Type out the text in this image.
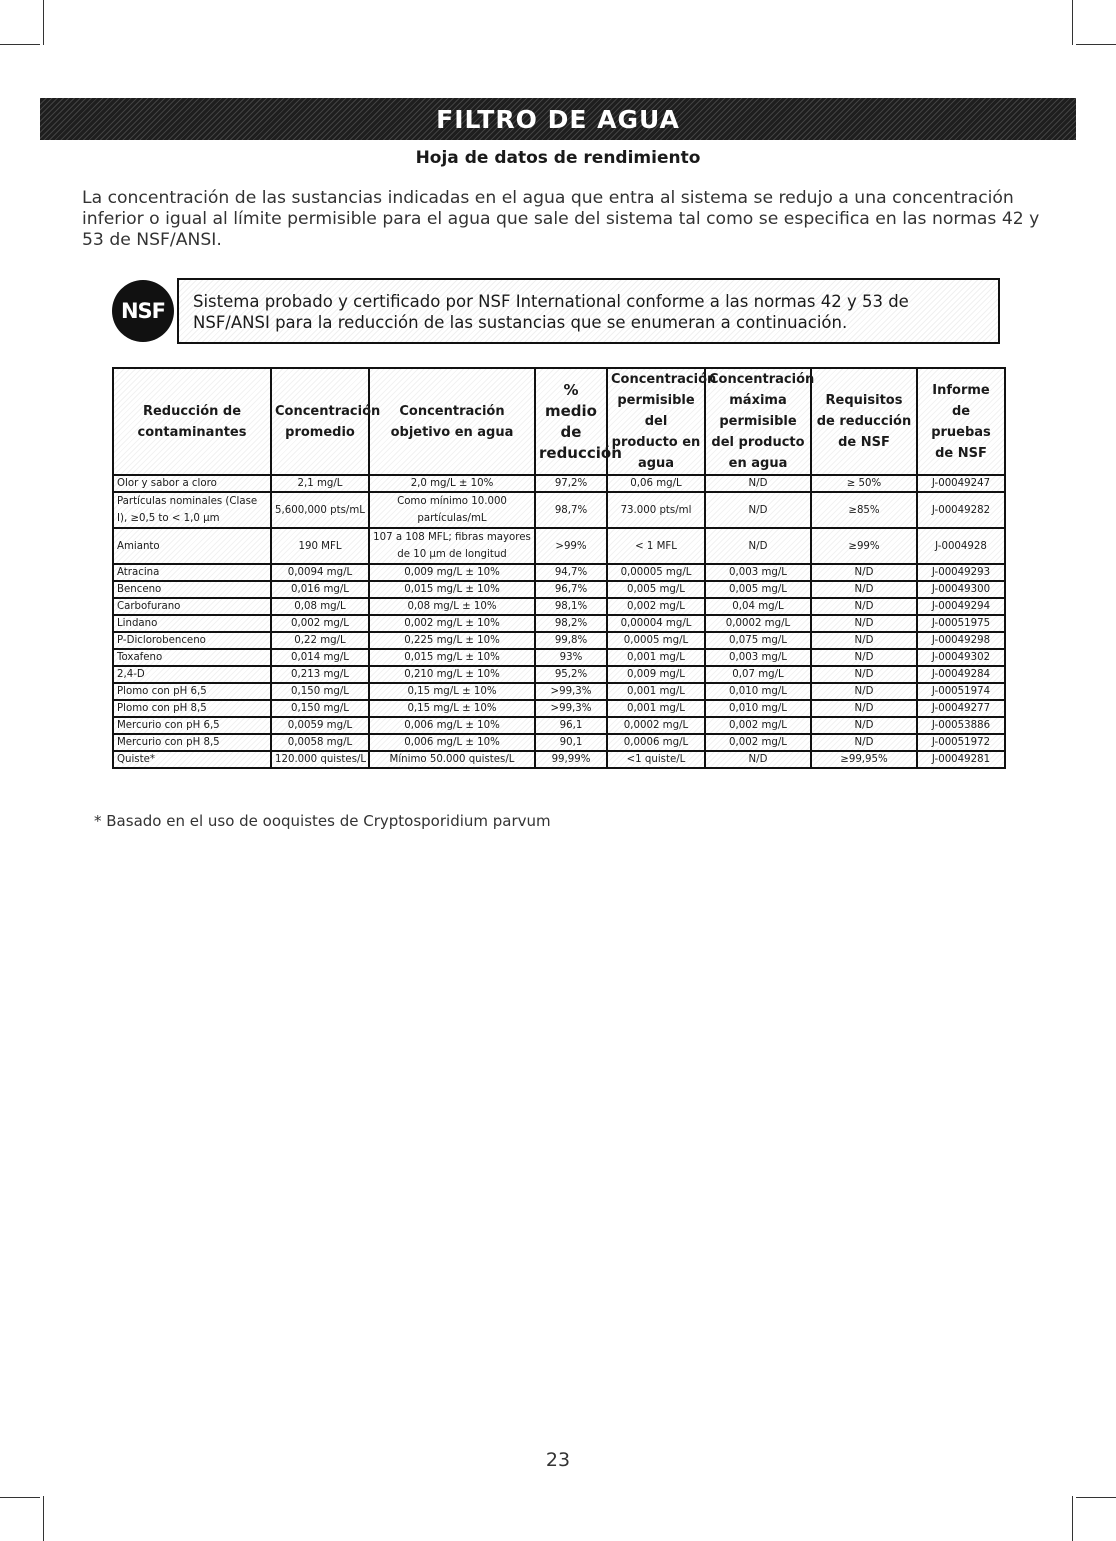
FILTRO DE AGUA
Hoja de datos de rendimiento
La concentración de las sustancias indicadas en el agua que entra al sistema se redujo a una concentración inferior o igual al límite permisible para el agua que sale del sistema tal como se especifica en las normas 42 y 53 de NSF/ANSI.
NSF	Sistema probado y certificado por NSF International conforme a las normas 42 y 53 de NSF/ANSI para la reducción de las sustancias que se enumeran a continuación.
Reducción de contaminantes	Concentración promedio	Concentración objetivo en agua	% medio de reducción	Concentración permisible del producto en agua	Concentración máxima permisible del producto en agua	Requisitos de reducción de NSF	Informe de pruebas de NSF
Olor y sabor a cloro	2,1 mg/L	2,0 mg/L ± 10%	97,2%	0,06 mg/L	N/D	≥ 50%	J-00049247
Partículas nominales (Clase I), ≥0,5 to < 1,0 µm	5,600,000 pts/mL	Como mínimo 10.000 partículas/mL	98,7%	73.000 pts/ml	N/D	≥85%	J-00049282
Amianto	190 MFL	107 a 108 MFL; fibras mayores de 10 µm de longitud	>99%	< 1 MFL	N/D	≥99%	J-0004928
Atracina	0,0094 mg/L	0,009 mg/L ± 10%	94,7%	0,00005 mg/L	0,003 mg/L	N/D	J-00049293
Benceno	0,016 mg/L	0,015 mg/L ± 10%	96,7%	0,005 mg/L	0,005 mg/L	N/D	J-00049300
Carbofurano	0,08 mg/L	0,08 mg/L ± 10%	98,1%	0,002 mg/L	0,04 mg/L	N/D	J-00049294
Lindano	0,002 mg/L	0,002 mg/L ± 10%	98,2%	0,00004 mg/L	0,0002 mg/L	N/D	J-00051975
P-Diclorobenceno	0,22 mg/L	0,225 mg/L ± 10%	99,8%	0,0005 mg/L	0,075 mg/L	N/D	J-00049298
Toxafeno	0,014 mg/L	0,015 mg/L ± 10%	93%	0,001 mg/L	0,003 mg/L	N/D	J-00049302
2,4-D	0,213 mg/L	0,210 mg/L ± 10%	95,2%	0,009 mg/L	0,07 mg/L	N/D	J-00049284
Plomo con pH 6,5	0,150 mg/L	0,15 mg/L ± 10%	>99,3%	0,001 mg/L	0,010 mg/L	N/D	J-00051974
Plomo con pH 8,5	0,150 mg/L	0,15 mg/L ± 10%	>99,3%	0,001 mg/L	0,010 mg/L	N/D	J-00049277
Mercurio con pH 6,5	0,0059 mg/L	0,006 mg/L ± 10%	96,1	0,0002 mg/L	0,002 mg/L	N/D	J-00053886
Mercurio con pH 8,5	0,0058 mg/L	0,006 mg/L ± 10%	90,1	0,0006 mg/L	0,002 mg/L	N/D	J-00051972
Quiste*	120.000 quistes/L	Mínimo 50.000 quistes/L	99,99%	<1 quiste/L	N/D	≥99,95%	J-00049281
* Basado en el uso de ooquistes de Cryptosporidium parvum
23
